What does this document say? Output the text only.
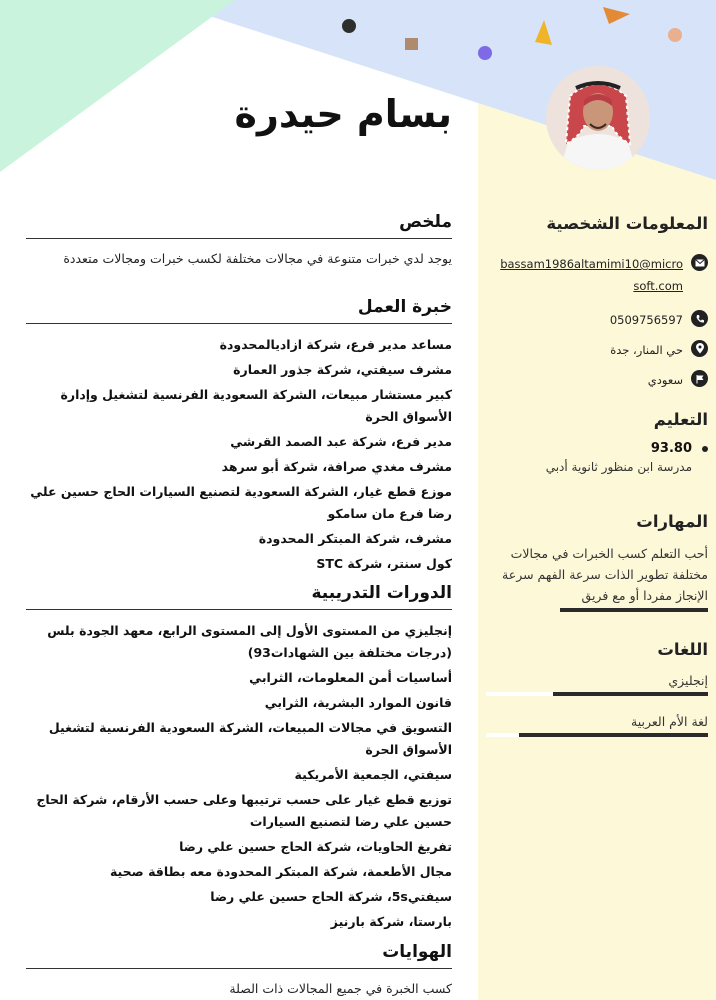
بسام حيدرة
ملخص
يوجد لدي خبرات متنوعة في مجالات مختلفة لكسب خبرات ومجالات متعددة
خبرة العمل
مساعد مدير فرع، شركة ازاديالمحدودة
مشرف سيفتي، شركة جذور العمارة
كبير مستشار مبيعات، الشركة السعودية الفرنسية لتشغيل وإدارة الأسواق الحرة
مدير فرع، شركة عبد الصمد القرشي
مشرف مغدي صرافة، شركة أبو سرهد
موزع قطع غيار، الشركة السعودية لتصنيع السيارات الحاج حسين علي رضا فرع مان سامكو
مشرف، شركة المبتكر المحدودة
كول سنتر، شركة STC
الدورات التدريبية
إنجليزي من المستوى الأول إلى المستوى الرابع، معهد الجودة بلس (درجات مختلفة بين الشهادات93)
أساسيات أمن المعلومات، الثرابي
قانون الموارد البشرية، الثرابي
التسويق في مجالات المبيعات، الشركة السعودية الفرنسية لتشغيل الأسواق الحرة
سيفتي، الجمعية الأمريكية
توزيع قطع غيار على حسب ترتيبها وعلى حسب الأرقام، شركة الحاج حسين علي رضا لتصنيع السيارات
تفريغ الحاويات، شركة الحاج حسين علي رضا
مجال الأطعمة، شركة المبتكر المحدودة معه بطاقة صحية
سيفتي5s، شركة الحاج حسين علي رضا
بارستا، شركة بارنيز
الهوايات
كسب الخبرة في جميع المجالات ذات الصلة
المعلومات الشخصية
bassam1986altamimi10@microsoft.com
0509756597
حي المنار، جدة
سعودي
التعليم
93.80
مدرسة ابن منظور ثانوية أدبي
المهارات
أحب التعلم كسب الخبرات في مجالات مختلفة تطوير الذات سرعة الفهم سرعة الإنجاز مفردا أو مع فريق
اللغات
إنجليزي
لغة الأم العربية
